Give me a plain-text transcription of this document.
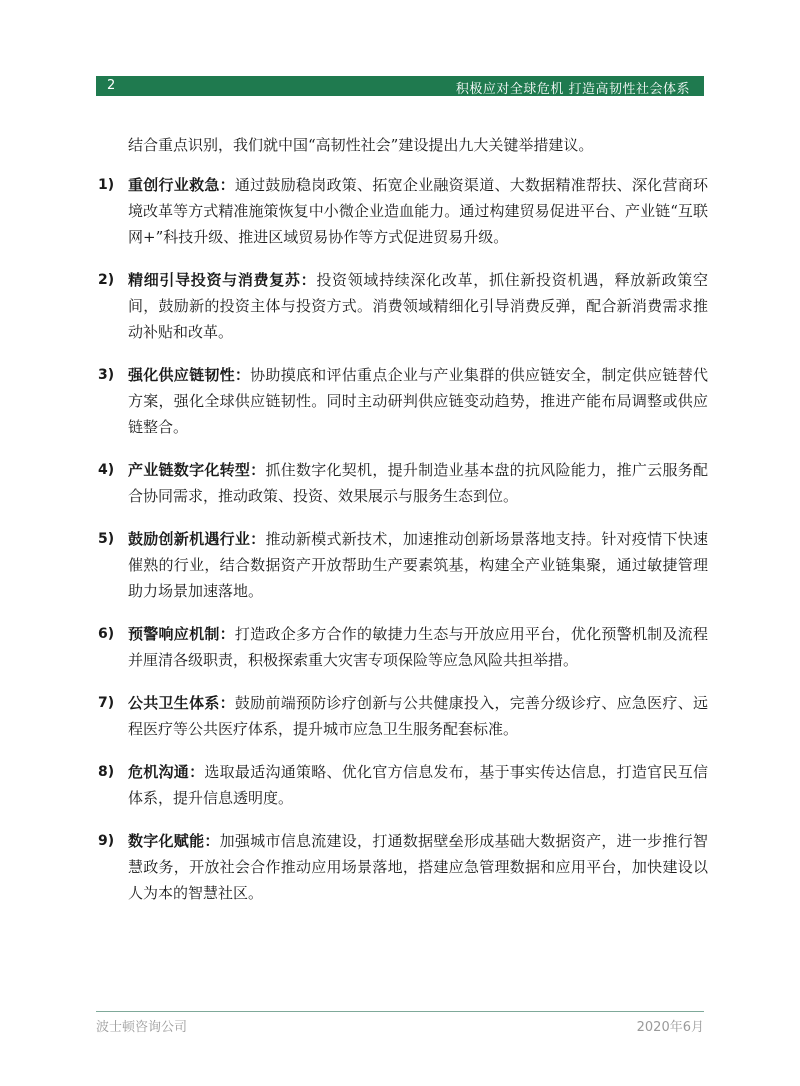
2	积极应对全球危机 打造高韧性社会体系
结合重点识别，我们就中国“高韧性社会”建设提出九大关键举措建议。
1) 重创行业救急：通过鼓励稳岗政策、拓宽企业融资渠道、大数据精准帮扶、深化营商环境改革等方式精准施策恢复中小微企业造血能力。通过构建贸易促进平台、产业链“互联网+”科技升级、推进区域贸易协作等方式促进贸易升级。
2) 精细引导投资与消费复苏：投资领域持续深化改革，抓住新投资机遇，释放新政策空间，鼓励新的投资主体与投资方式。消费领域精细化引导消费反弹，配合新消费需求推动补贴和改革。
3) 强化供应链韧性：协助摸底和评估重点企业与产业集群的供应链安全，制定供应链替代方案，强化全球供应链韧性。同时主动研判供应链变动趋势，推进产能布局调整或供应链整合。
4) 产业链数字化转型：抓住数字化契机，提升制造业基本盘的抗风险能力，推广云服务配合协同需求，推动政策、投资、效果展示与服务生态到位。
5) 鼓励创新机遇行业：推动新模式新技术，加速推动创新场景落地支持。针对疫情下快速催熟的行业，结合数据资产开放帮助生产要素筑基，构建全产业链集聚，通过敏捷管理助力场景加速落地。
6) 预警响应机制：打造政企多方合作的敏捷力生态与开放应用平台，优化预警机制及流程并厘清各级职责，积极探索重大灾害专项保险等应急风险共担举措。
7) 公共卫生体系：鼓励前端预防诊疗创新与公共健康投入，完善分级诊疗、应急医疗、远程医疗等公共医疗体系，提升城市应急卫生服务配套标准。
8) 危机沟通：选取最适沟通策略、优化官方信息发布，基于事实传达信息，打造官民互信体系，提升信息透明度。
9) 数字化赋能：加强城市信息流建设，打通数据壁垒形成基础大数据资产，进一步推行智慧政务，开放社会合作推动应用场景落地，搭建应急管理数据和应用平台，加快建设以人为本的智慧社区。
波士顿咨询公司	2020年6月
